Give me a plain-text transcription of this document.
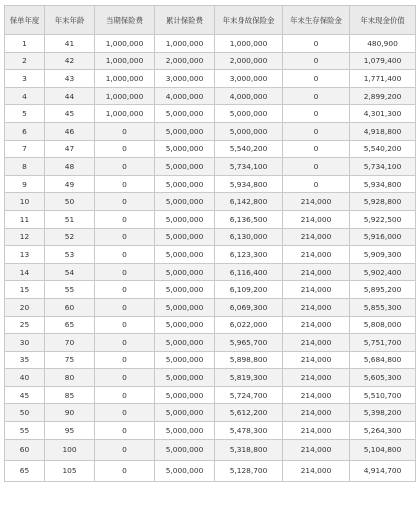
保单年度	年末年龄	当期保险费	累计保险费	年末身故保险金	年末生存保险金	年末现金价值
1	41	1,000,000	1,000,000	1,000,000	0	480,900
2	42	1,000,000	2,000,000	2,000,000	0	1,079,400
3	43	1,000,000	3,000,000	3,000,000	0	1,771,400
4	44	1,000,000	4,000,000	4,000,000	0	2,899,200
5	45	1,000,000	5,000,000	5,000,000	0	4,301,300
6	46	0	5,000,000	5,000,000	0	4,918,800
7	47	0	5,000,000	5,540,200	0	5,540,200
8	48	0	5,000,000	5,734,100	0	5,734,100
9	49	0	5,000,000	5,934,800	0	5,934,800
10	50	0	5,000,000	6,142,800	214,000	5,928,800
11	51	0	5,000,000	6,136,500	214,000	5,922,500
12	52	0	5,000,000	6,130,000	214,000	5,916,000
13	53	0	5,000,000	6,123,300	214,000	5,909,300
14	54	0	5,000,000	6,116,400	214,000	5,902,400
15	55	0	5,000,000	6,109,200	214,000	5,895,200
20	60	0	5,000,000	6,069,300	214,000	5,855,300
25	65	0	5,000,000	6,022,000	214,000	5,808,000
30	70	0	5,000,000	5,965,700	214,000	5,751,700
35	75	0	5,000,000	5,898,800	214,000	5,684,800
40	80	0	5,000,000	5,819,300	214,000	5,605,300
45	85	0	5,000,000	5,724,700	214,000	5,510,700
50	90	0	5,000,000	5,612,200	214,000	5,398,200
55	95	0	5,000,000	5,478,300	214,000	5,264,300
60	100	0	5,000,000	5,318,800	214,000	5,104,800
65	105	0	5,000,000	5,128,700	214,000	4,914,700
